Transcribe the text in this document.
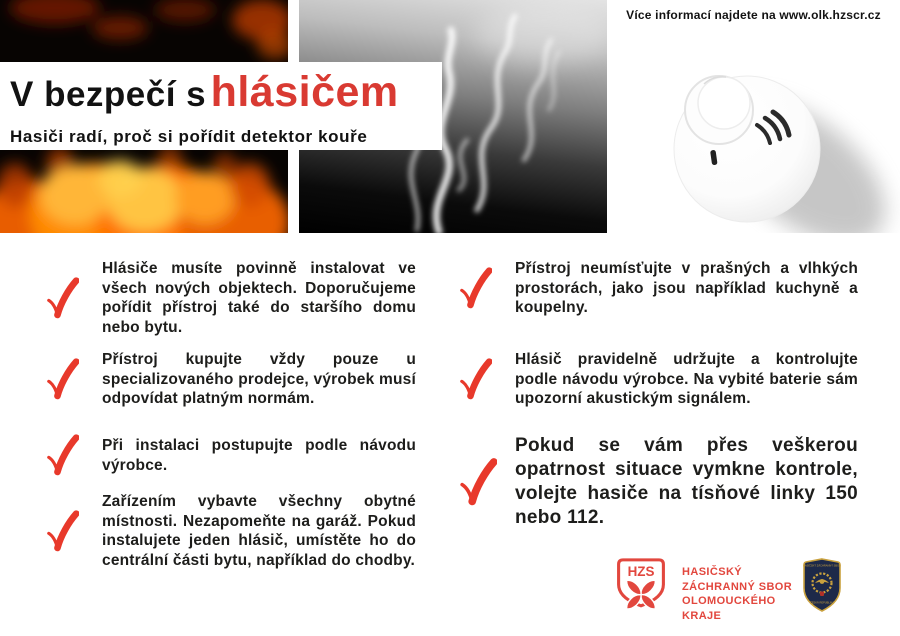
Více informací najdete na www.olk.hzscr.cz
V bezpečí s hlásičem
Hasiči radí, proč si pořídit detektor kouře
Hlásiče musíte povinně instalovat ve všech nových objektech. Doporučujeme pořídit přístroj také do staršího domu nebo bytu.
Přístroj kupujte vždy pouze u specializovaného prodejce, výrobek musí odpovídat platným normám.
Při instalaci postupujte podle návodu výrobce.
Zařízením vybavte všechny obytné místnosti. Nezapomeňte na garáž. Pokud instalujete jeden hlásič, umístěte ho do centrální části bytu, například do chodby.
Přístroj neumísťujte v prašných a vlhkých prostorách, jako jsou například kuchyně a koupelny.
Hlásič pravidelně udržujte a kontrolujte podle návodu výrobce. Na vybité baterie sám upozorní akustickým signálem.
Pokud se vám přes veškerou opatrnost situace vymkne kontrole, volejte hasiče na tísňové linky 150 nebo 112.
HZS	HASIČSKÝ
ZÁCHRANNÝ SBOR
OLOMOUCKÉHO
KRAJE
HASIČSKÝ ZÁCHRANNÝ SBOR
ČESKÁ REPUBLIKA
